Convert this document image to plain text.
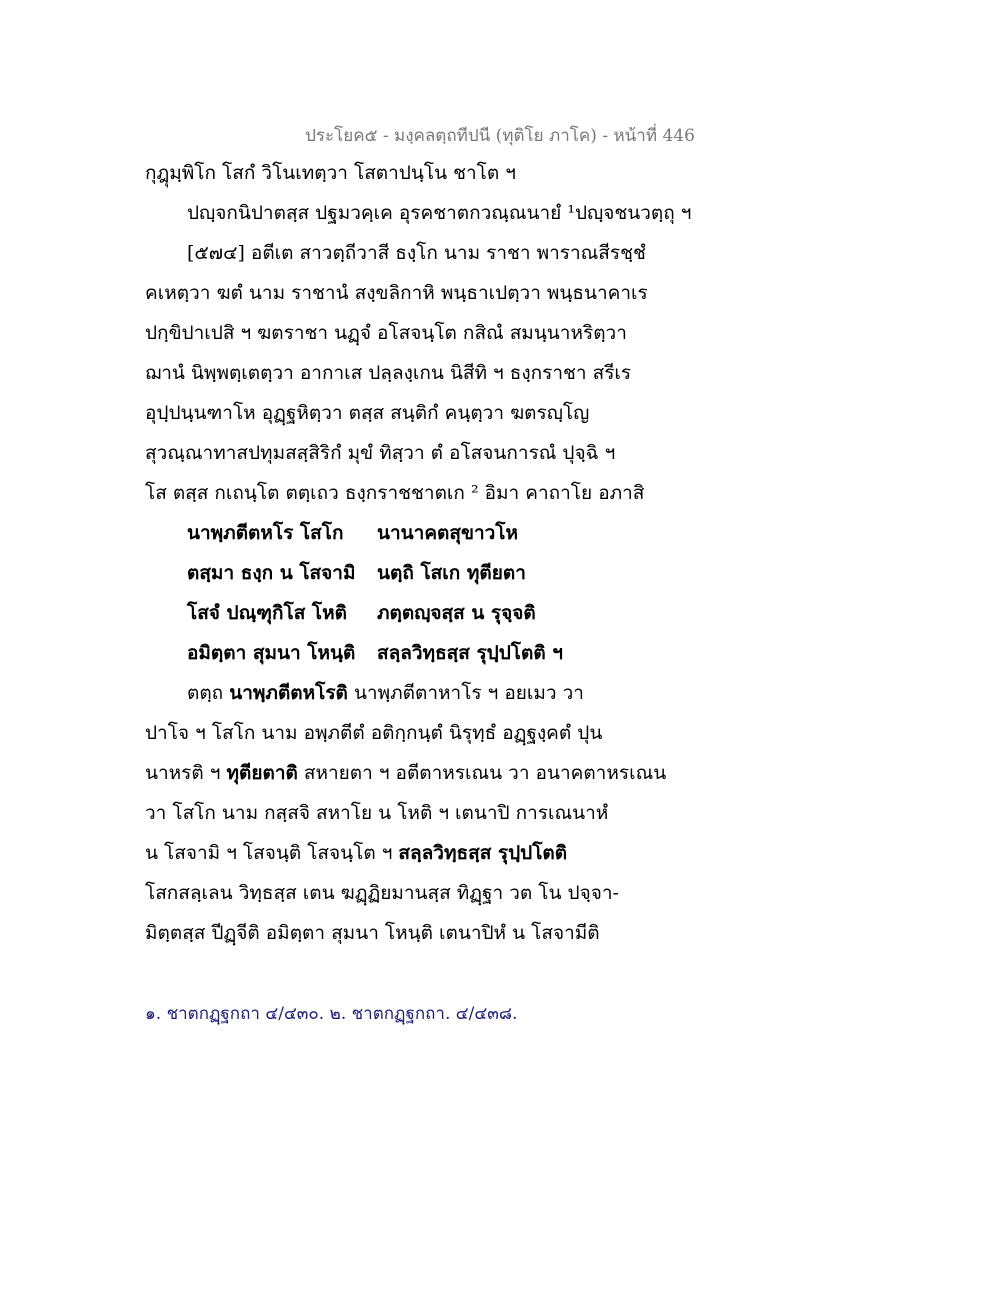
ประโยค๕ - มงฺคลตฺถทีปนี (ทุติโย ภาโค) - หน้าที่ 446
กุฎุมฺพิโก โสกํ วิโนเทตฺวา โสตาปนฺโน ชาโต ฯ
ปญฺจกนิปาตสฺส ปฐมวคฺเค อุรคชาตกวณฺณนายํ ¹ปญฺจชนวตฺถุ ฯ
[๕๗๔] อตีเต สาวตฺถีวาสี ธงฺโก นาม ราชา พาราณสีรชฺชํ
คเหตฺวา ฆตํ นาม ราชานํ สงฺขลิกาหิ พนฺธาเปตฺวา พนฺธนาคาเร
ปกฺขิปาเปสิ ฯ ฆตราชา นฏฺจํ อโสจนฺโต กสิณํ สมนฺนาหริตฺวา
ฌานํ นิพฺพตฺเตตฺวา อากาเส ปลฺลงฺเกน นิสีทิ ฯ ธงฺกราชา สรีเร
อุปฺปนฺนฑาโห อุฏฺฐหิตฺวา ตสฺส สนฺติกํ คนฺตฺวา ฆตรญฺโญ
สุวณฺณาทาสปทุมสสฺสิริกํ มุขํ ทิสฺวา ตํ อโสจนการณํ ปุจฺฉิ ฯ
โส ตสฺส กเถนฺโต ตตฺเถว ธงฺกราชชาตเก ² อิมา คาถาโย อภาสิ
นาพฺภตีตหโร โสโก	นานาคตสุขาวโห
ตสฺมา ธงฺก น โสจามิ	นตฺถิ โสเก ทุตียตา
โสจํ ปณฺฑุกิโส โหติ	ภตฺตญฺจสฺส น รุจฺจติ
อมิตฺตา สุมนา โหนฺติ	สลฺลวิทฺธสฺส รุปฺปโตติ ฯ
ตตฺถ นาพฺภตีตหโรติ นาพฺภตีตาหาโร ฯ อยเมว วา
ปาโจ ฯ โสโก นาม อพฺภตีตํ อติกฺกนฺตํ นิรุทฺธํ อฏฺฐงฺคตํ ปุน
นาหรติ ฯ ทุตียตาติ สหายตา ฯ อตีตาหรเณน วา อนาคตาหรเณน
วา โสโก นาม กสฺสจิ สหาโย น โหติ ฯ เตนาปิ การเณนาหํ
น โสจามิ ฯ โสจนฺติ โสจนฺโต ฯ สลฺลวิทฺธสฺส รุปฺปโตติ
โสกสลฺเลน วิทฺธสฺส เตน ฆฏฺฏิยมานสฺส ทิฏฺฐา วต โน ปจฺจา-
มิตฺตสฺส ปีฏฺจีติ อมิตฺตา สุมนา โหนฺติ เตนาปิหํ น โสจามีติ
๑. ชาตกฏฺฐกถา ๔/๔๓๐. ๒. ชาตกฏฺฐกถา. ๔/๔๓๘.
